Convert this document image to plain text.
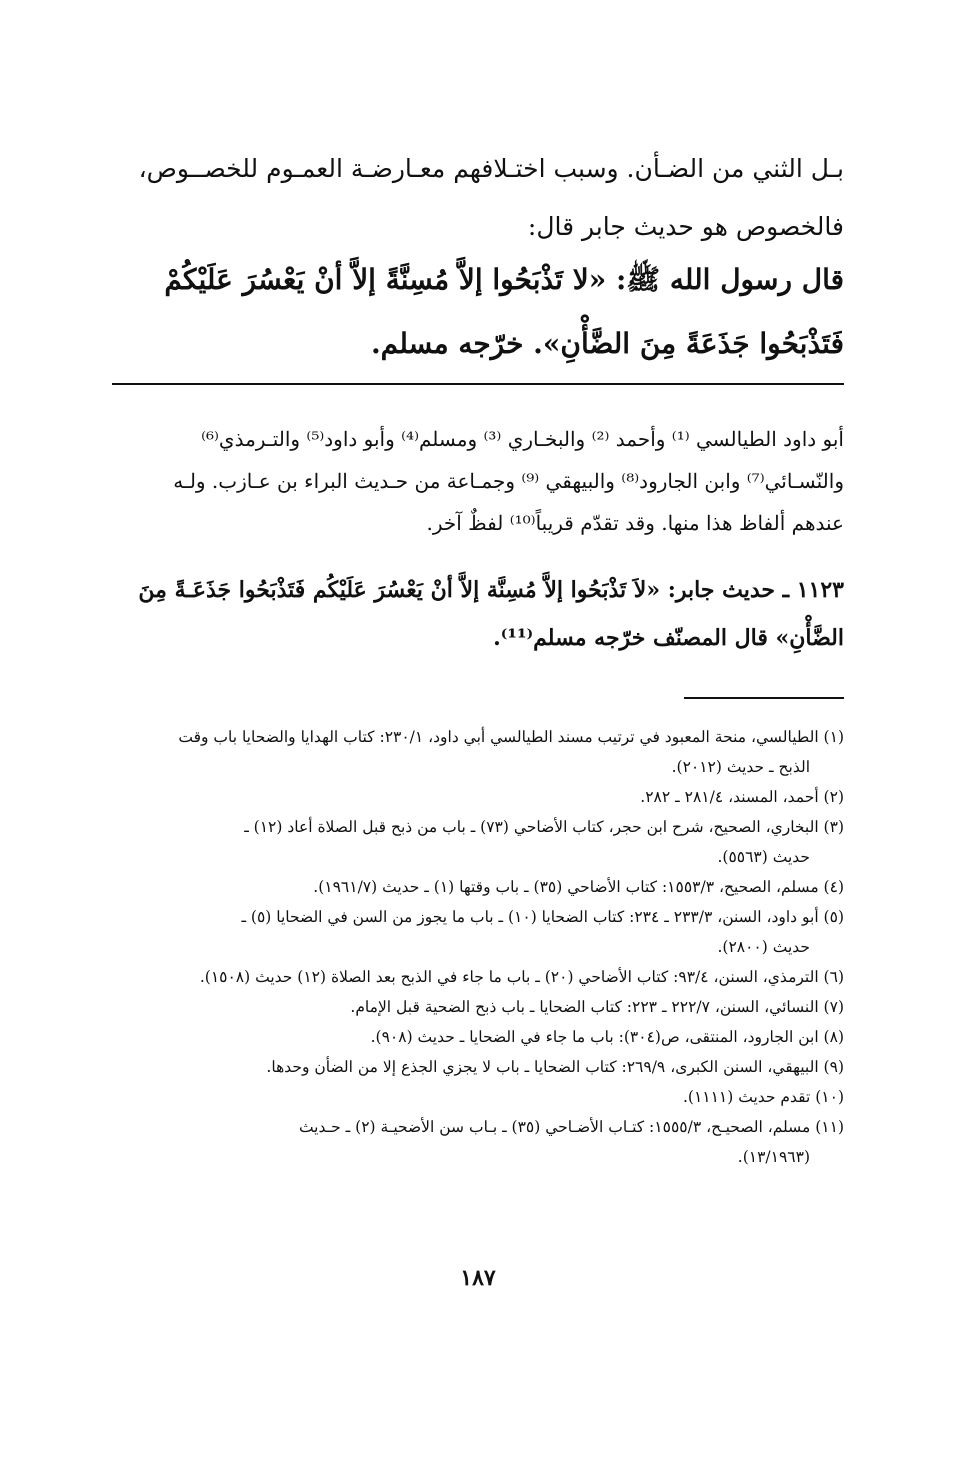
بـل الثني من الضـأن. وسبب اختـلافهم معـارضـة العمـوم للخصــوص،
فالخصوص هو حديث جابر قال:
قال رسول الله ﷺ: «لا تَذْبَحُوا إلاَّ مُسِنَّةً إلاَّ أنْ يَعْسُرَ عَلَيْكُمْ
فَتَذْبَحُوا جَذَعَةً مِنَ الضَّأْنِ». خرّجه مسلم.
أبو داود الطيالسي ⁽¹⁾ وأحمد ⁽²⁾ والبخـاري ⁽³⁾ ومسلم⁽⁴⁾ وأبو داود⁽⁵⁾ والتـرمذي⁽⁶⁾
والنّسـائي⁽⁷⁾ وابن الجارود⁽⁸⁾ والبيهقي ⁽⁹⁾ وجمـاعة من حـديث البراء بن عـازب. ولـه
عندهم ألفاظ هذا منها. وقد تقدّم قريباً⁽¹⁰⁾ لفظٌ آخر.
١١٢٣ ـ حديث جابر: «لاَ تَذْبَحُوا إلاَّ مُسِنَّة إلاَّ أنْ يَعْسُرَ عَلَيْكُم فَتَذْبَحُوا جَذَعَـةً مِنَ
الضَّأْنِ» قال المصنّف خرّجه مسلم⁽¹¹⁾.
(١) الطيالسي، منحة المعبود في ترتيب مسند الطيالسي أبي داود، ٢٣٠/١: كتاب الهدايا والضحايا باب وقت
الذبح ـ حديث (٢٠١٢).
(٢) أحمد، المسند، ٢٨١/٤ ـ ٢٨٢.
(٣) البخاري، الصحيح، شرح ابن حجر، كتاب الأضاحي (٧٣) ـ باب من ذبح قبل الصلاة أعاد (١٢) ـ
حديث (٥٥٦٣).
(٤) مسلم، الصحيح، ١٥٥٣/٣: كتاب الأضاحي (٣٥) ـ باب وقتها (١) ـ حديث (١٩٦١/٧).
(٥) أبو داود، السنن، ٢٣٣/٣ ـ ٢٣٤: كتاب الضحايا (١٠) ـ باب ما يجوز من السن في الضحايا (٥) ـ
حديث (٢٨٠٠).
(٦) الترمذي، السنن، ٩٣/٤: كتاب الأضاحي (٢٠) ـ باب ما جاء في الذبح بعد الصلاة (١٢) حديث (١٥٠٨).
(٧) النسائي، السنن، ٢٢٢/٧ ـ ٢٢٣: كتاب الضحايا ـ باب ذبح الضحية قبل الإمام.
(٨) ابن الجارود، المنتقى، ص(٣٠٤): باب ما جاء في الضحايا ـ حديث (٩٠٨).
(٩) البيهقي، السنن الكبرى، ٢٦٩/٩: كتاب الضحايا ـ باب لا يجزي الجذع إلا من الضأن وحدها.
(١٠) تقدم حديث (١١١١).
(١١) مسلم، الصحيـح، ١٥٥٥/٣: كتـاب الأضـاحي (٣٥) ـ بـاب سن الأضحيـة (٢) ـ حـديث
(١٣/١٩٦٣).
١٨٧
